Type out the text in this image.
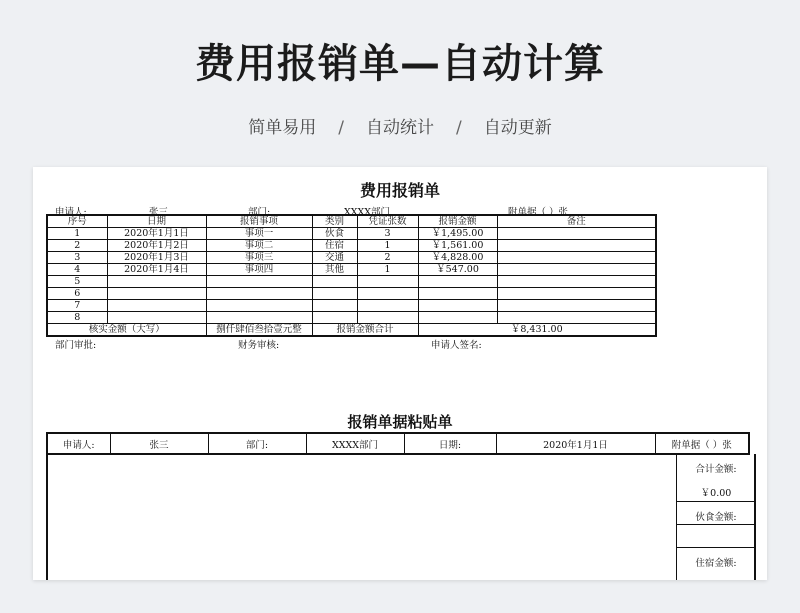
费用报销单—自动计算
简单易用 / 自动统计 / 自动更新
费用报销单
申请人:	张三	部门:	XXXX部门	附单据（ ）张
序号	日期	报销事项	类别	凭证张数	报销金额	备注
1	2020年1月1日	事项一	伙食	3	￥1,495.00	
2	2020年1月2日	事项二	住宿	1	￥1,561.00	
3	2020年1月3日	事项三	交通	2	￥4,828.00	
4	2020年1月4日	事项四	其他	1	￥547.00	
5						
6						
7						
8						
核实金额（大写）		捌仟肆佰叁拾壹元整	报销金额合计		￥8,431.00	
部门审批:	财务审核:	申请人签名:
报销单据粘贴单
申请人:	张三	部门:	XXXX部门	日期:	2020年1月1日	附单据（ ）张
合计金额:
￥0.00
伙食金额:
住宿金额:
